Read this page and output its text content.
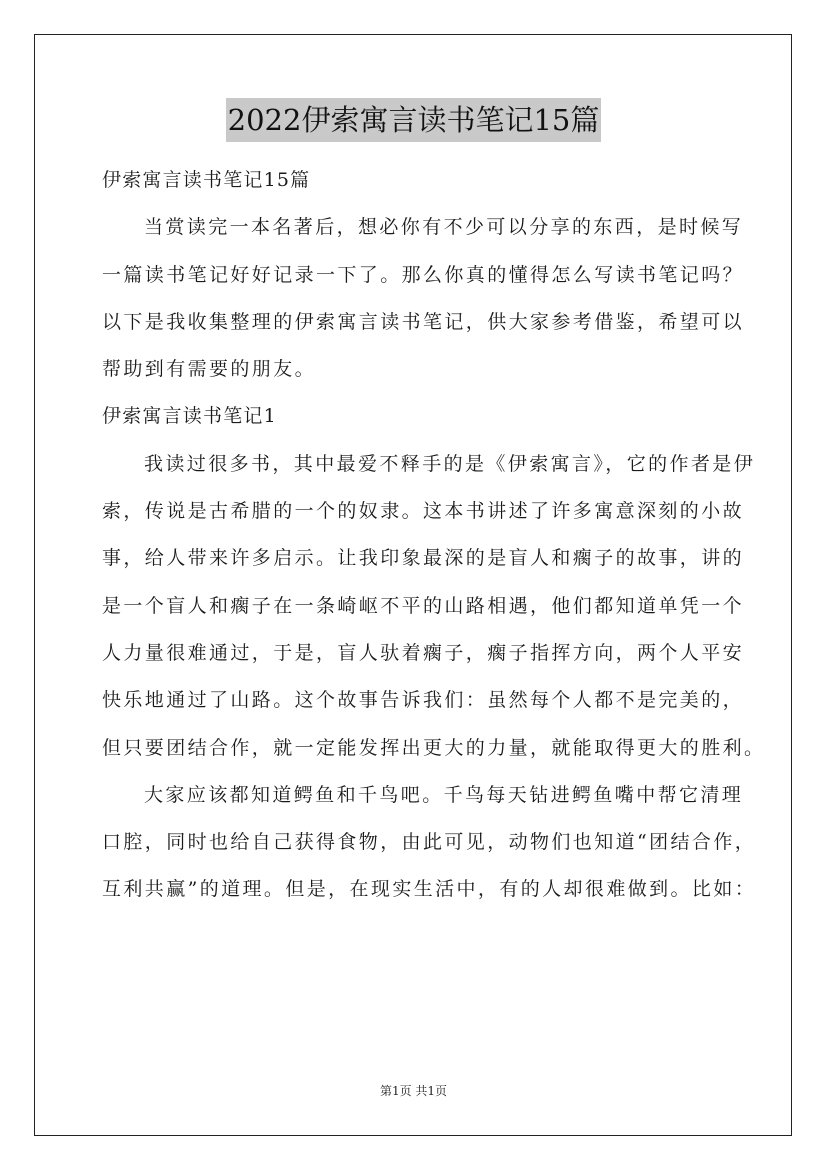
2022伊索寓言读书笔记15篇
伊索寓言读书笔记15篇
当赏读完一本名著后，想必你有不少可以分享的东西，是时候写
一篇读书笔记好好记录一下了。那么你真的懂得怎么写读书笔记吗？
以下是我收集整理的伊索寓言读书笔记，供大家参考借鉴，希望可以
帮助到有需要的朋友。
伊索寓言读书笔记1
我读过很多书，其中最爱不释手的是《伊索寓言》，它的作者是伊
索，传说是古希腊的一个的奴隶。这本书讲述了许多寓意深刻的小故
事，给人带来许多启示。让我印象最深的是盲人和瘸子的故事，讲的
是一个盲人和瘸子在一条崎岖不平的山路相遇，他们都知道单凭一个
人力量很难通过，于是，盲人驮着瘸子，瘸子指挥方向，两个人平安
快乐地通过了山路。这个故事告诉我们：虽然每个人都不是完美的，
但只要团结合作，就一定能发挥出更大的力量，就能取得更大的胜利。
大家应该都知道鳄鱼和千鸟吧。千鸟每天钻进鳄鱼嘴中帮它清理
口腔，同时也给自己获得食物，由此可见，动物们也知道“团结合作，
互利共赢”的道理。但是，在现实生活中，有的人却很难做到。比如：
第1页 共1页
